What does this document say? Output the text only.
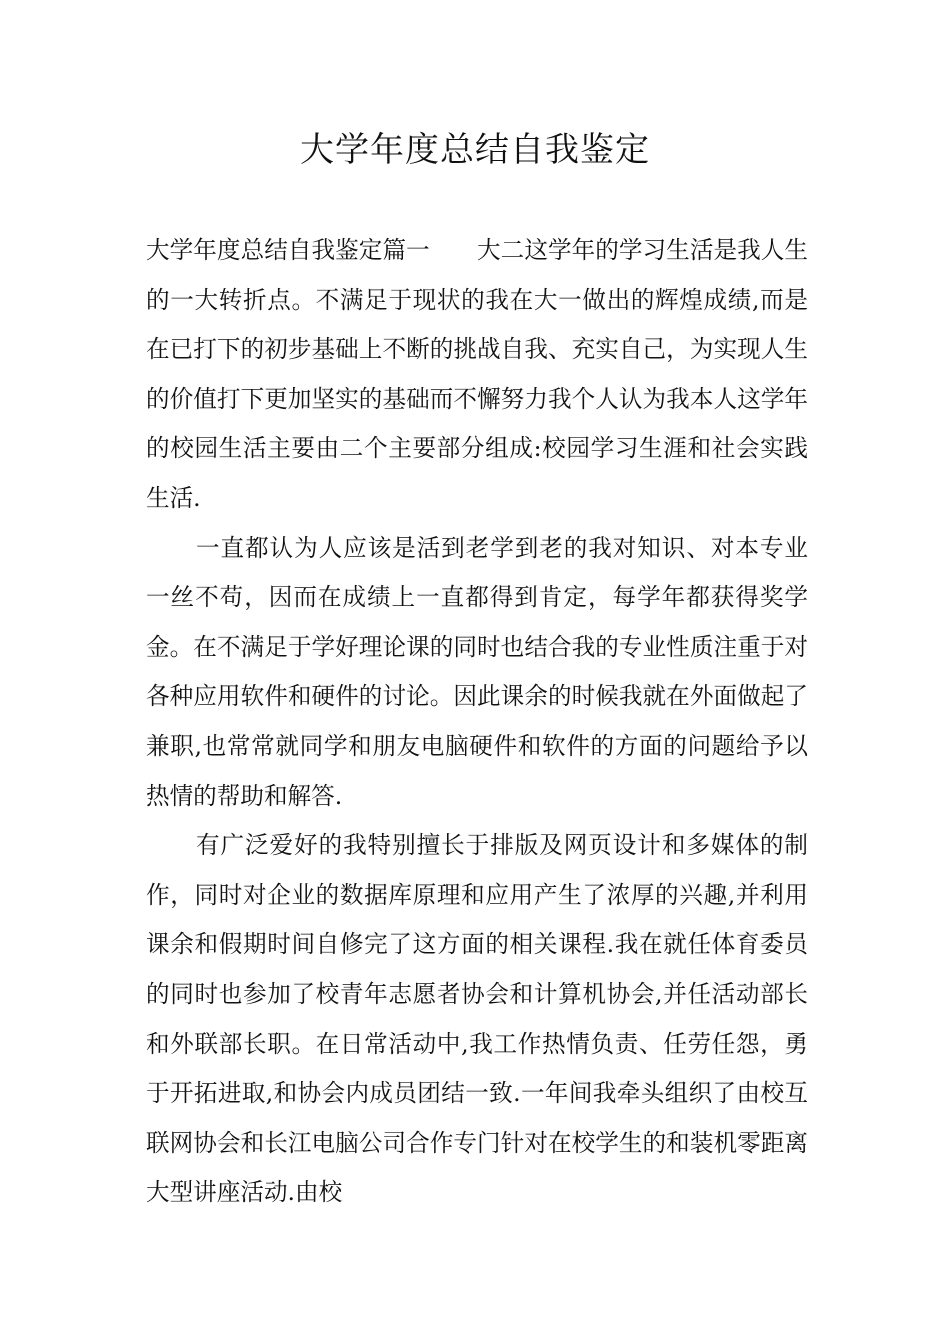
大学年度总结自我鉴定

大学年度总结自我鉴定篇一　　大二这学年的学习生活是我人生的一大转折点。不满足于现状的我在大一做出的辉煌成绩,而是在已打下的初步基础上不断的挑战自我、充实自己，为实现人生的价值打下更加坚实的基础而不懈努力我个人认为我本人这学年的校园生活主要由二个主要部分组成:校园学习生涯和社会实践生活.

一直都认为人应该是活到老学到老的我对知识、对本专业一丝不苟，因而在成绩上一直都得到肯定，每学年都获得奖学金。在不满足于学好理论课的同时也结合我的专业性质注重于对各种应用软件和硬件的讨论。因此课余的时候我就在外面做起了兼职,也常常就同学和朋友电脑硬件和软件的方面的问题给予以热情的帮助和解答.

有广泛爱好的我特别擅长于排版及网页设计和多媒体的制作，同时对企业的数据库原理和应用产生了浓厚的兴趣,并利用课余和假期时间自修完了这方面的相关课程.我在就任体育委员的同时也参加了校青年志愿者协会和计算机协会,并任活动部长和外联部长职。在日常活动中,我工作热情负责、任劳任怨，勇于开拓进取,和协会内成员团结一致.一年间我牵头组织了由校互联网协会和长江电脑公司合作专门针对在校学生的和装机零距离大型讲座活动.由校
